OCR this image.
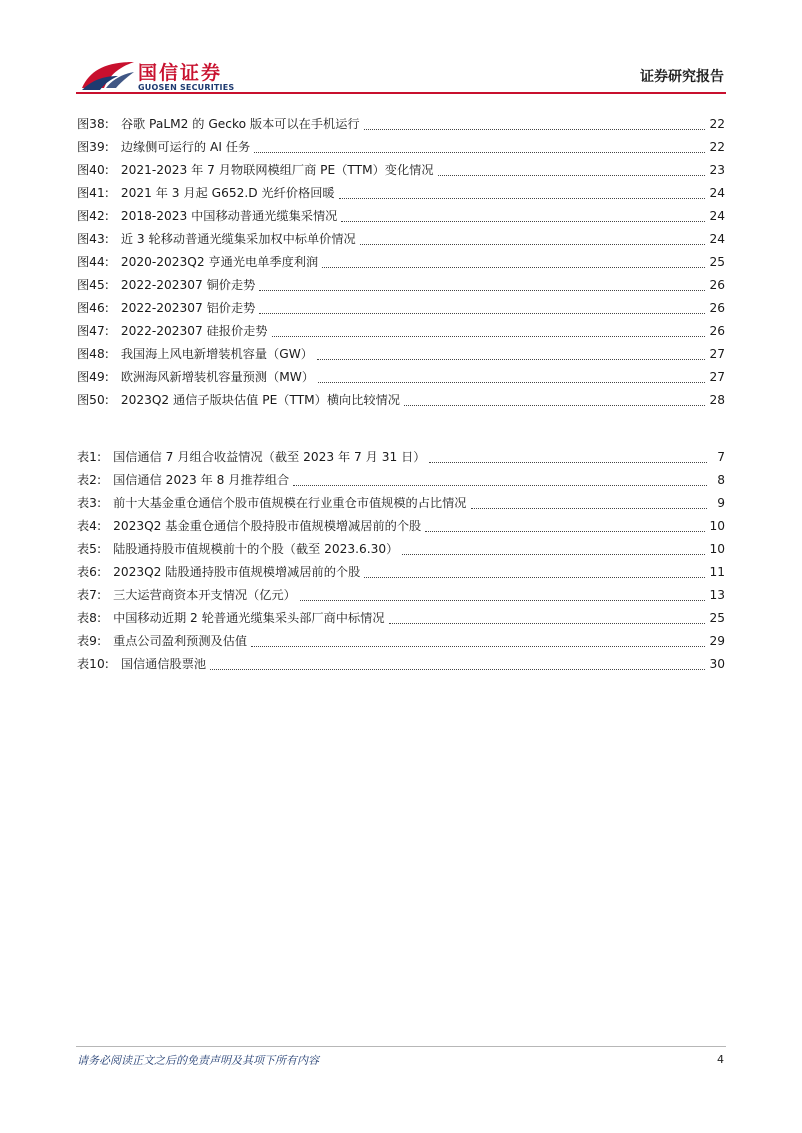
国信证券
GUOSEN SECURITIES
证券研究报告
图38: 谷歌 PaLM2 的 Gecko 版本可以在手机运行	22
图39: 边缘侧可运行的 AI 任务	22
图40: 2021-2023 年 7 月物联网模组厂商 PE（TTM）变化情况	23
图41: 2021 年 3 月起 G652.D 光纤价格回暖	24
图42: 2018-2023 中国移动普通光缆集采情况	24
图43: 近 3 轮移动普通光缆集采加权中标单价情况	24
图44: 2020-2023Q2 亨通光电单季度利润	25
图45: 2022-202307 铜价走势	26
图46: 2022-202307 铝价走势	26
图47: 2022-202307 硅报价走势	26
图48: 我国海上风电新增装机容量（GW）	27
图49: 欧洲海风新增装机容量预测（MW）	27
图50: 2023Q2 通信子版块估值 PE（TTM）横向比较情况	28
表1: 国信通信 7 月组合收益情况（截至 2023 年 7 月 31 日）	7
表2: 国信通信 2023 年 8 月推荐组合	8
表3: 前十大基金重仓通信个股市值规模在行业重仓市值规模的占比情况	9
表4: 2023Q2 基金重仓通信个股持股市值规模增减居前的个股	10
表5: 陆股通持股市值规模前十的个股（截至 2023.6.30）	10
表6: 2023Q2 陆股通持股市值规模增减居前的个股	11
表7: 三大运营商资本开支情况（亿元）	13
表8: 中国移动近期 2 轮普通光缆集采头部厂商中标情况	25
表9: 重点公司盈利预测及估值	29
表10: 国信通信股票池	30
请务必阅读正文之后的免责声明及其项下所有内容	4
